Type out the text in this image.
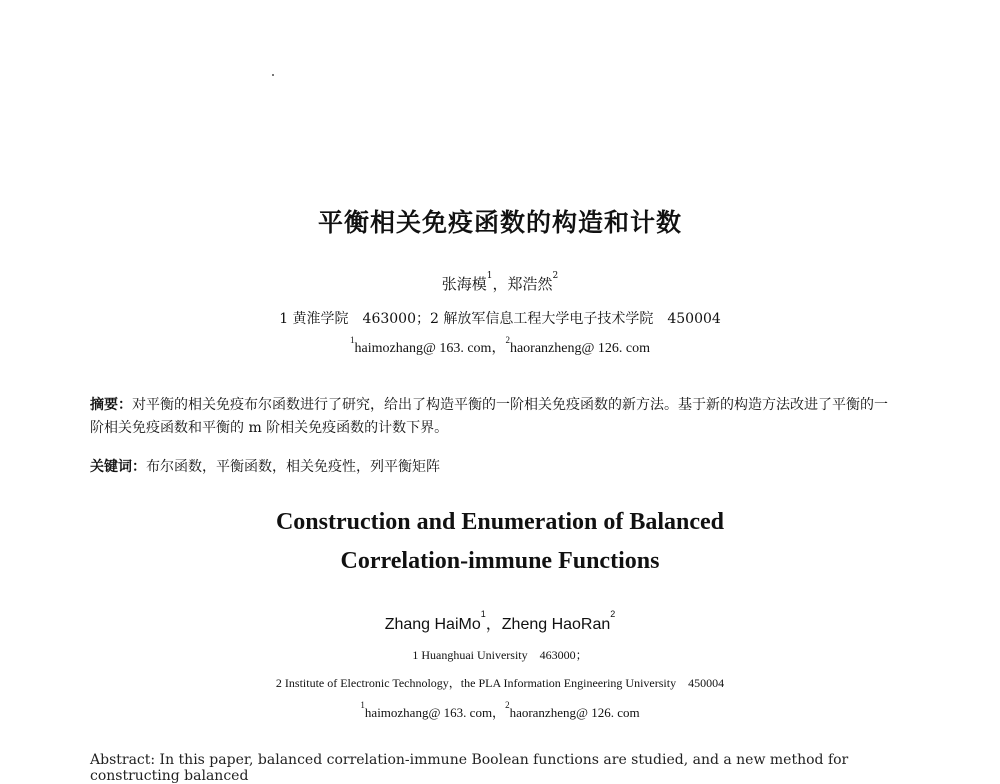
平衡相关免疫函数的构造和计数
张海模$^1$，郑浩然$^2$
1 黄淮学院　463000；2 解放军信息工程大学电子技术学院　450004
$^1$haimozhang@ 163. com，$^2$haoranzheng@ 126. com
摘要：对平衡的相关免疫布尔函数进行了研究，给出了构造平衡的一阶相关免疫函数的新方法。基于新的构造方法改进了平衡的一阶相关免疫函数和平衡的 m 阶相关免疫函数的计数下界。
关键词：布尔函数，平衡函数，相关免疫性，列平衡矩阵
Construction and Enumeration of Balanced
Correlation-immune Functions
Zhang HaiMo$^1$，Zheng HaoRan$^2$
1 Huanghuai University　463000；
2 Institute of Electronic Technology，the PLA Information Engineering University　450004
$^1$haimozhang@ 163. com，$^2$haoranzheng@ 126. com
Abstract: In this paper, balanced correlation-immune Boolean functions are studied, and a new method for constructing balanced
